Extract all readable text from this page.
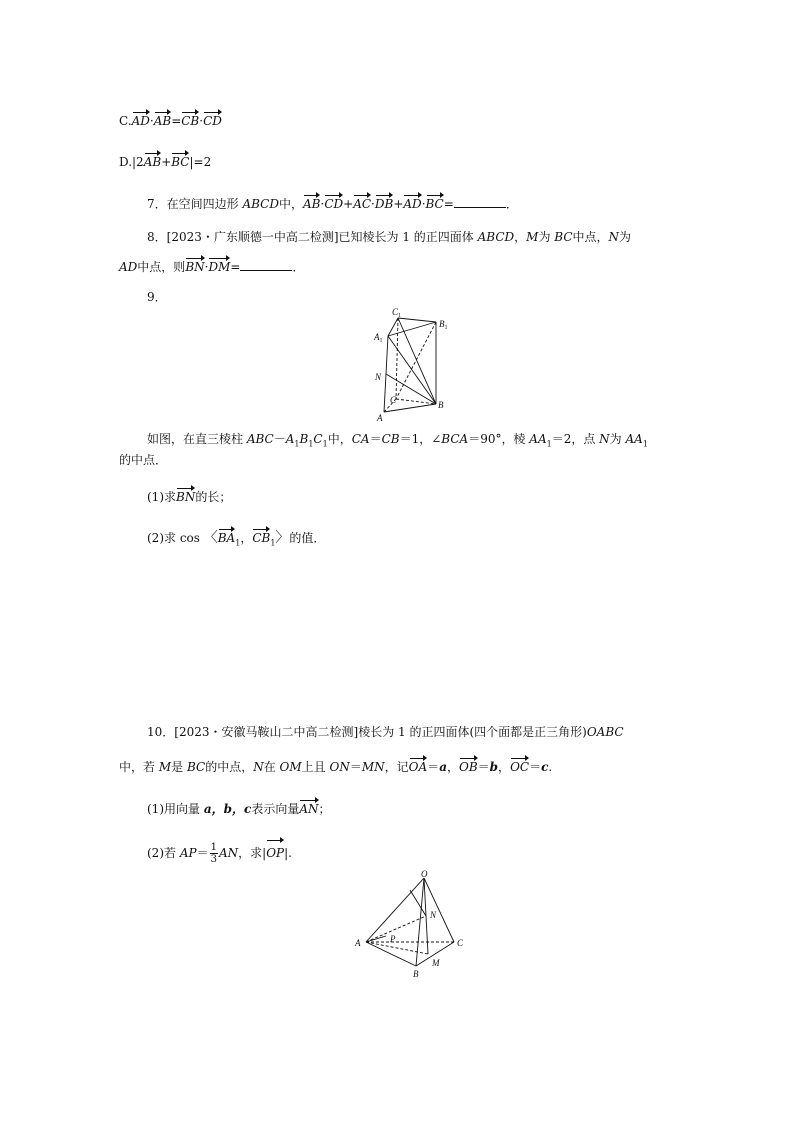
C.AD·AB=CB·CD
D.|2AB+BC|=2
7．在空间四边形 ABCD中，AB·CD+AC·DB+AD·BC=	．
8．[2023・广东顺德一中高二检测]已知棱长为 1 的正四面体 ABCD，M为 BC中点，N为
AD中点，则BN·DM=	．
9．
$C_1$
$B_1$
$A_1$
N
C	B
A
如图，在直三棱柱 $ABC-A_1B_1C_1$中，CA＝CB＝1，∠BCA＝90°，棱 $AA_1=2$，点 N为 $AA_1$
的中点．
(1)求BN的长；
(2)求 cos 〈$BA_1$，$CB_1$〉的值．
10．[2023・安徽马鞍山二中高二检测]棱长为 1 的正四面体(四个面都是正三角形)OABC
中，若 M是 BC的中点，N在 OM上且 ON＝MN，记OA＝a，OB＝b，OC＝c.
(1)用向量 a，b，c表示向量AN；
(2)若 $AP= \frac{1}{3}$ AN，求|OP|.
O
N
A	P	C
M
B
